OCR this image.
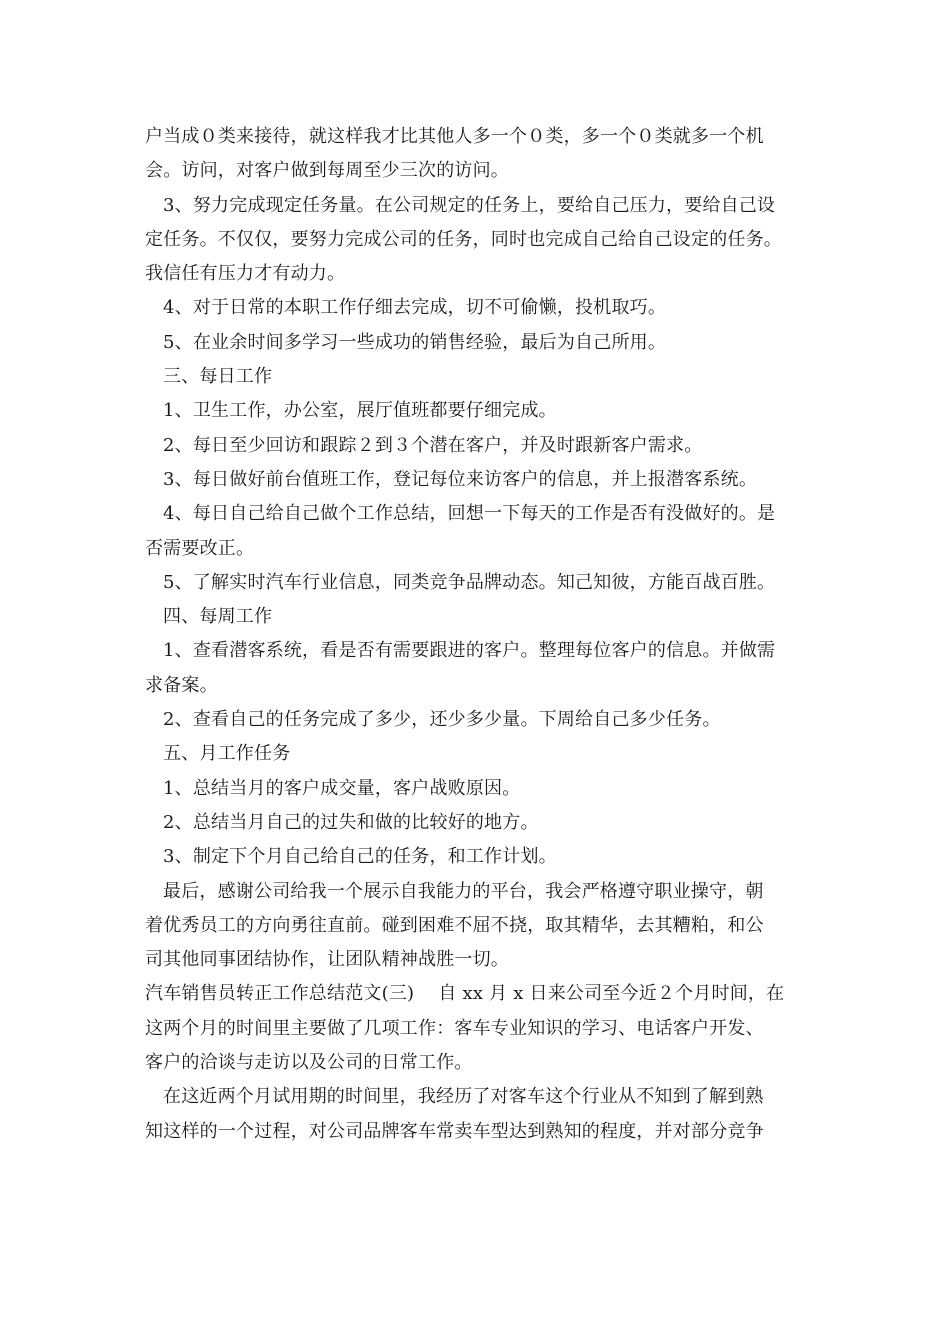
户当成０类来接待，就这样我才比其他人多一个０类，多一个０类就多一个机
会。访问，对客户做到每周至少三次的访问。
3、努力完成现定任务量。在公司规定的任务上，要给自己压力，要给自己设
定任务。不仅仅，要努力完成公司的任务，同时也完成自己给自己设定的任务。
我信任有压力才有动力。
4、对于日常的本职工作仔细去完成，切不可偷懒，投机取巧。
5、在业余时间多学习一些成功的销售经验，最后为自己所用。
三、每日工作
1、卫生工作，办公室，展厅值班都要仔细完成。
2、每日至少回访和跟踪２到３个潜在客户，并及时跟新客户需求。
3、每日做好前台值班工作，登记每位来访客户的信息，并上报潜客系统。
4、每日自己给自己做个工作总结，回想一下每天的工作是否有没做好的。是
否需要改正。
5、了解实时汽车行业信息，同类竞争品牌动态。知己知彼，方能百战百胜。
四、每周工作
1、查看潜客系统，看是否有需要跟进的客户。整理每位客户的信息。并做需
求备案。
2、查看自己的任务完成了多少，还少多少量。下周给自己多少任务。
五、月工作任务
1、总结当月的客户成交量，客户战败原因。
2、总结当月自己的过失和做的比较好的地方。
3、制定下个月自己给自己的任务，和工作计划。
最后，感谢公司给我一个展示自我能力的平台，我会严格遵守职业操守，朝
着优秀员工的方向勇往直前。碰到困难不屈不挠，取其精华，去其糟粕，和公
司其他同事团结协作，让团队精神战胜一切。
汽车销售员转正工作总结范文(三)　 自 xx 月 x 日来公司至今近２个月时间，在
这两个月的时间里主要做了几项工作：客车专业知识的学习、电话客户开发、
客户的洽谈与走访以及公司的日常工作。
在这近两个月试用期的时间里，我经历了对客车这个行业从不知到了解到熟
知这样的一个过程，对公司品牌客车常卖车型达到熟知的程度，并对部分竞争
